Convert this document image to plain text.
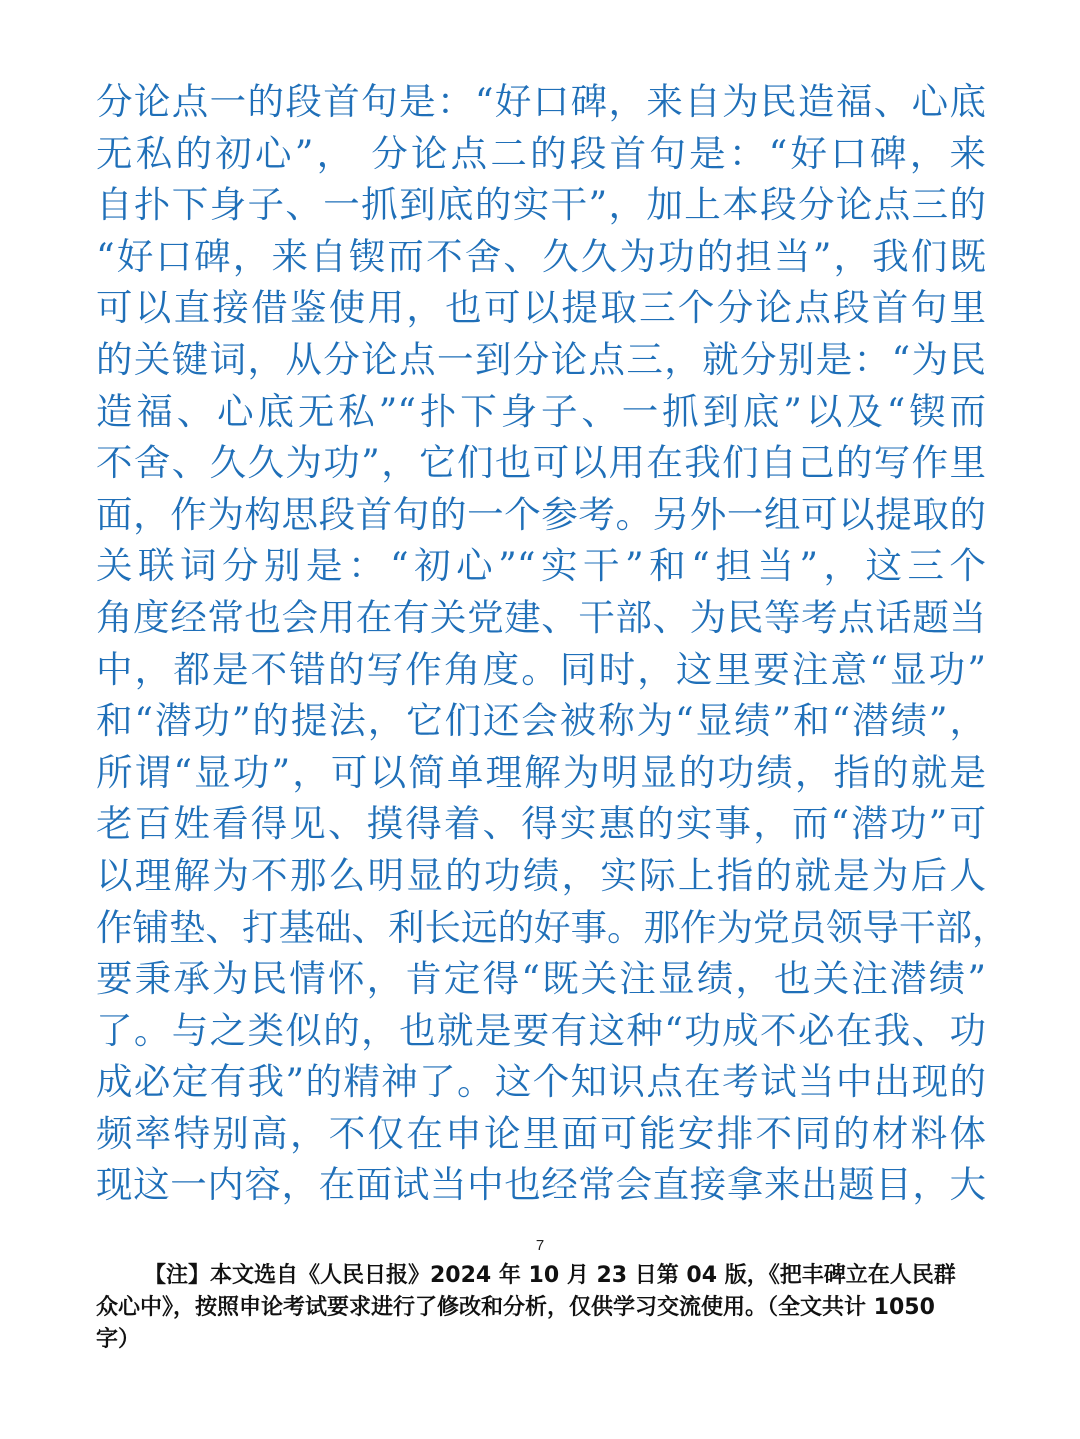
分论点一的段首句是：“好口碑，来自为民造福、心底
无私的初心”， 分论点二的段首句是：“好口碑，来
自扑下身子、一抓到底的实干”，加上本段分论点三的
“好口碑，来自锲而不舍、久久为功的担当”，我们既
可以直接借鉴使用，也可以提取三个分论点段首句里
的关键词，从分论点一到分论点三，就分别是：“为民
造福、心底无私”“扑下身子、一抓到底”以及“锲而
不舍、久久为功”，它们也可以用在我们自己的写作里
面，作为构思段首句的一个参考。另外一组可以提取的
关联词分别是：“初心”“实干”和“担当”，这三个
角度经常也会用在有关党建、干部、为民等考点话题当
中，都是不错的写作角度。同时，这里要注意“显功”
和“潜功”的提法，它们还会被称为“显绩”和“潜绩”，
所谓“显功”，可以简单理解为明显的功绩，指的就是
老百姓看得见、摸得着、得实惠的实事，而“潜功”可
以理解为不那么明显的功绩，实际上指的就是为后人
作铺垫、打基础、利长远的好事。那作为党员领导干部，
要秉承为民情怀，肯定得“既关注显绩，也关注潜绩”
了。与之类似的，也就是要有这种“功成不必在我、功
成必定有我”的精神了。这个知识点在考试当中出现的
频率特别高，不仅在申论里面可能安排不同的材料体
现这一内容，在面试当中也经常会直接拿来出题目，大
7
【注】本文选自《人民日报》2024 年 10 月 23 日第 04 版，《把丰碑立在人民群
众心中》，按照申论考试要求进行了修改和分析，仅供学习交流使用。（全文共计 1050
字）
